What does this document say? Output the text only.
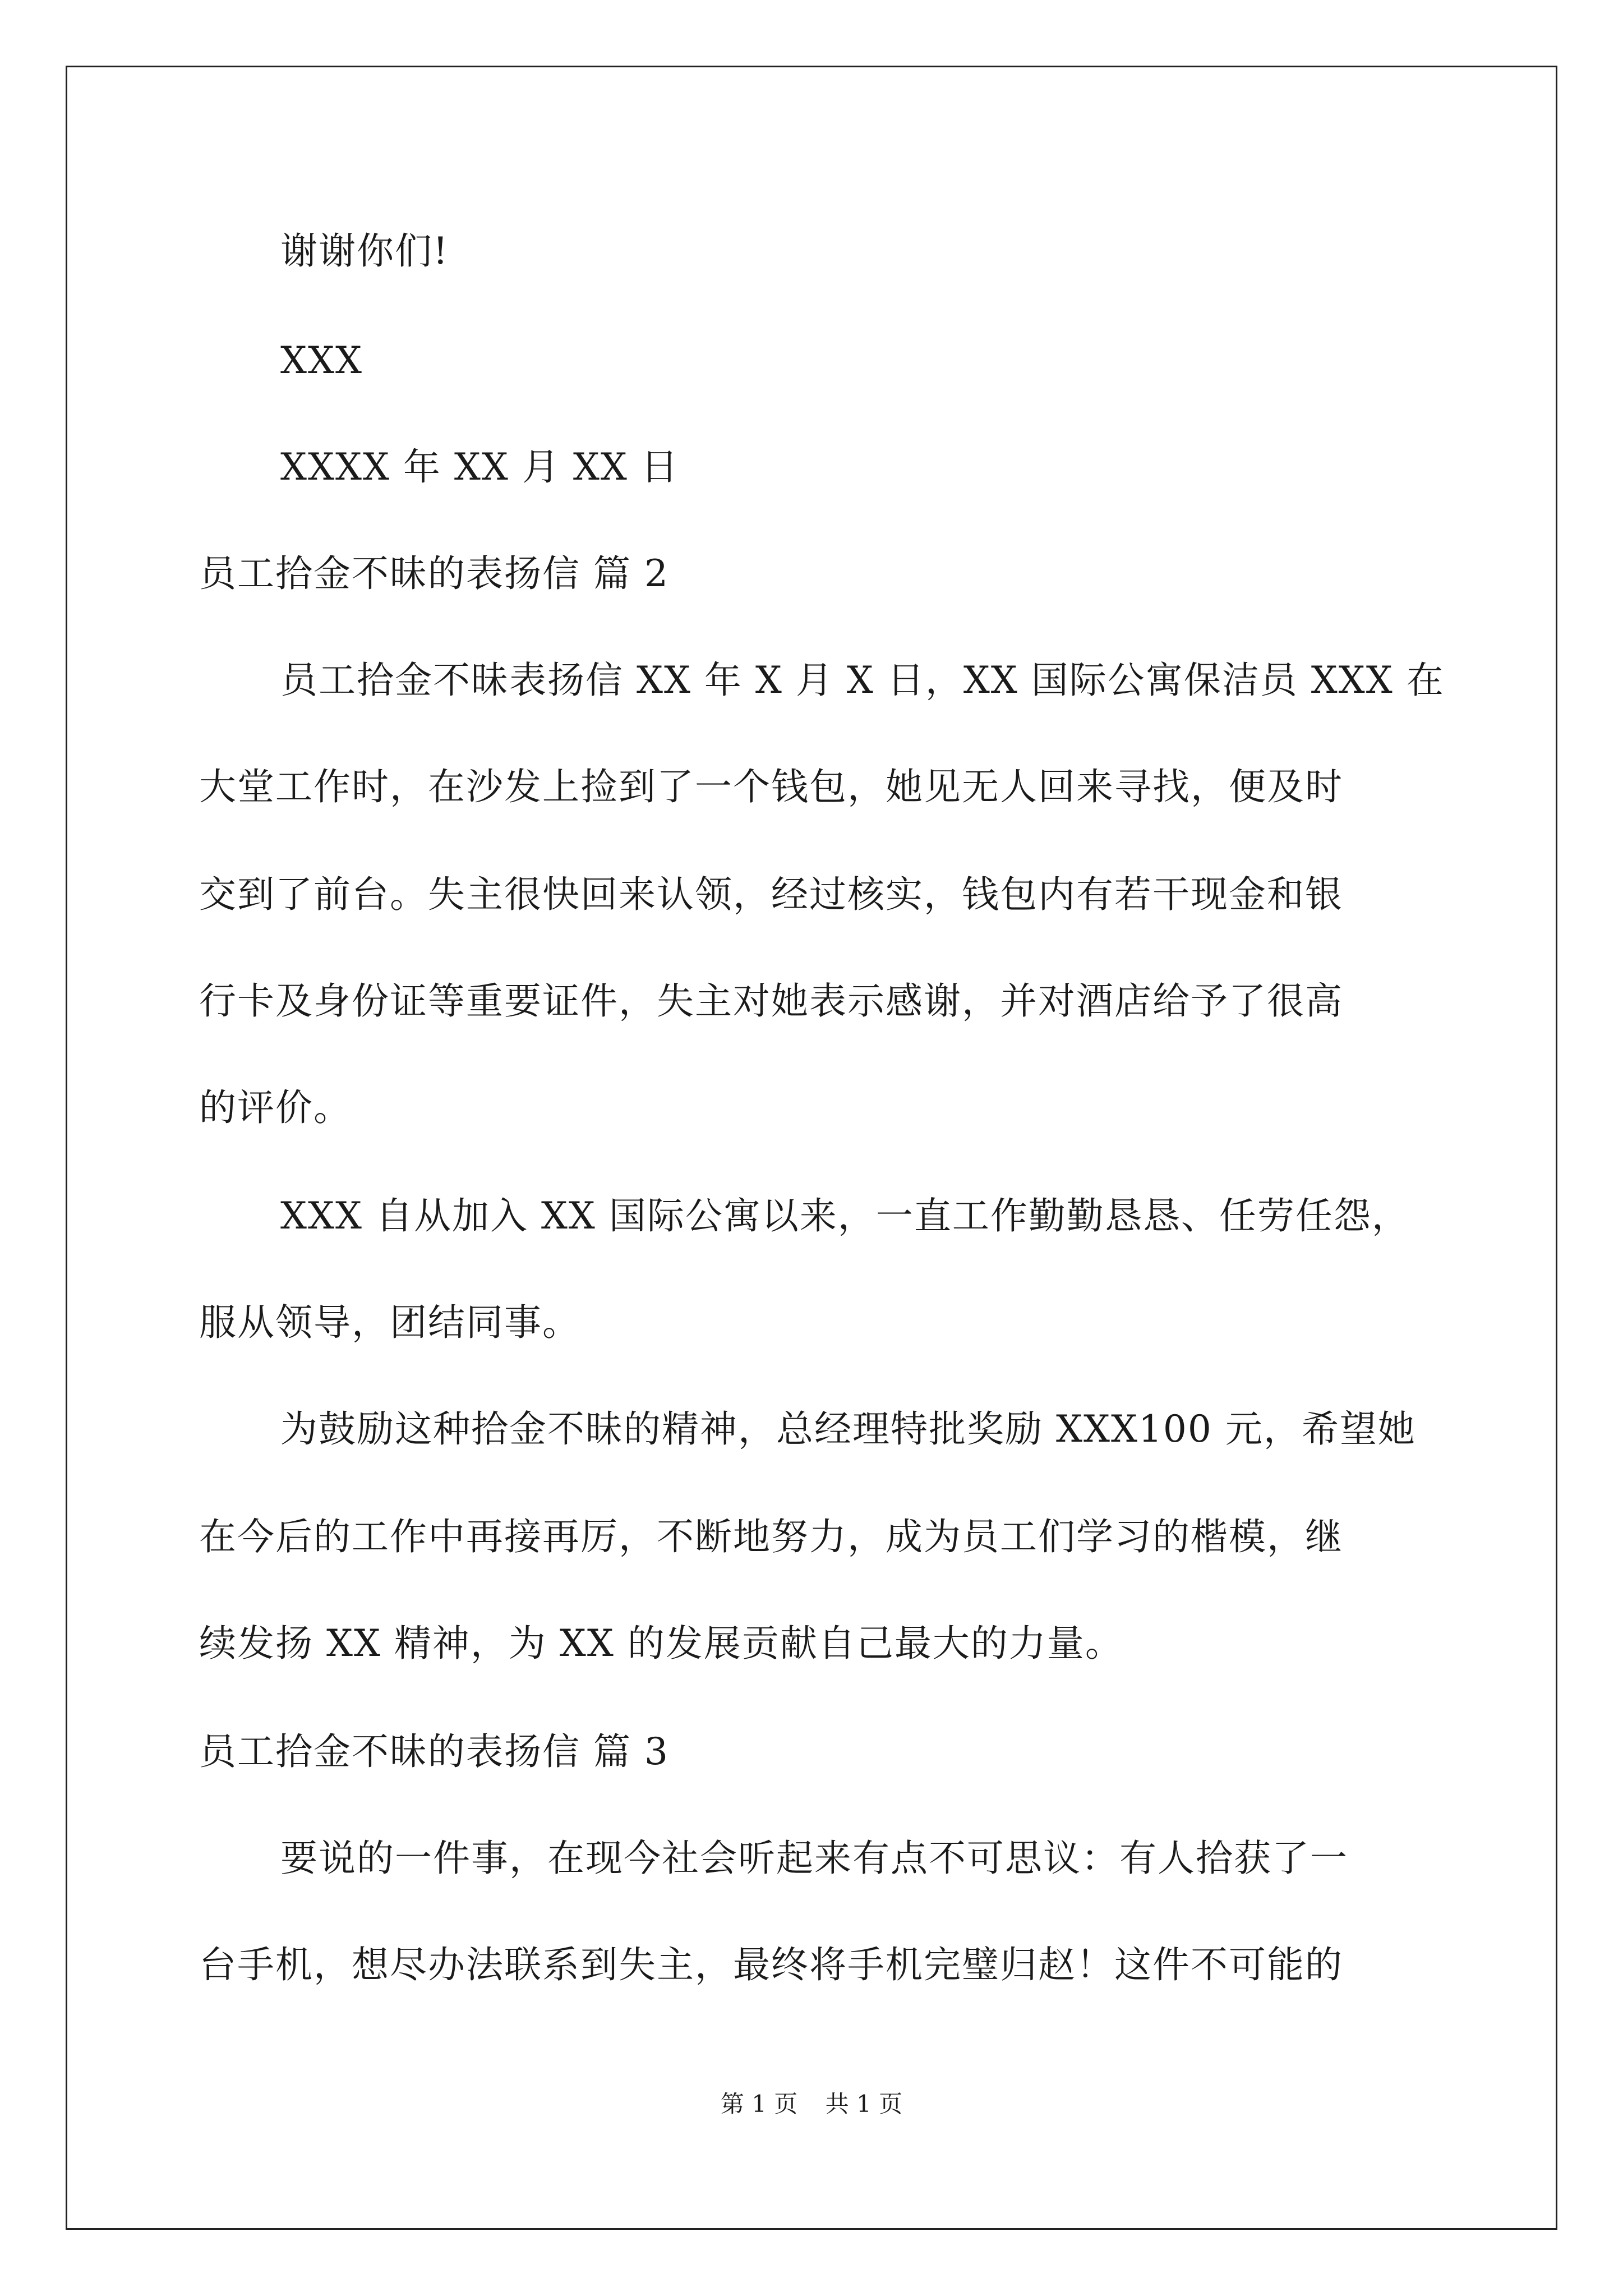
谢谢你们!
XXX
XXXX 年 XX 月 XX 日
员工拾金不昧的表扬信 篇 2
员工拾金不昧表扬信 XX 年 X 月 X 日，XX 国际公寓保洁员 XXX 在
大堂工作时，在沙发上捡到了一个钱包，她见无人回来寻找，便及时
交到了前台。失主很快回来认领，经过核实，钱包内有若干现金和银
行卡及身份证等重要证件，失主对她表示感谢，并对酒店给予了很高
的评价。
XXX 自从加入 XX 国际公寓以来，一直工作勤勤恳恳、任劳任怨，
服从领导，团结同事。
为鼓励这种拾金不昧的精神，总经理特批奖励 XXX100 元，希望她
在今后的工作中再接再厉，不断地努力，成为员工们学习的楷模，继
续发扬 XX 精神，为 XX 的发展贡献自己最大的力量。
员工拾金不昧的表扬信 篇 3
要说的一件事，在现今社会听起来有点不可思议：有人拾获了一
台手机，想尽办法联系到失主，最终将手机完璧归赵！这件不可能的
第 1 页 共 1 页
